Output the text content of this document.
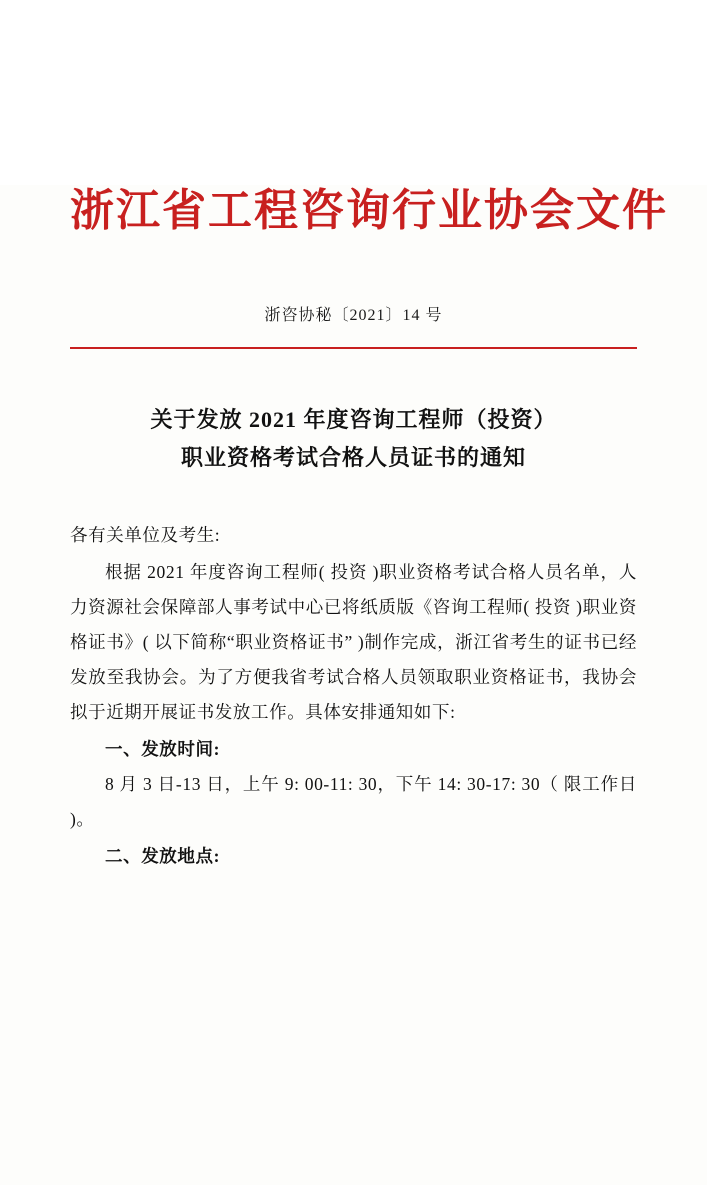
浙江省工程咨询行业协会文件
浙咨协秘〔2021〕14 号
关于发放 2021 年度咨询工程师（投资）
职业资格考试合格人员证书的通知

各有关单位及考生:

根据 2021 年度咨询工程师( 投资 )职业资格考试合格人员名单，人力资源社会保障部人事考试中心已将纸质版《咨询工程师( 投资 )职业资格证书》( 以下简称“职业资格证书” )制作完成，浙江省考生的证书已经发放至我协会。为了方便我省考试合格人员领取职业资格证书，我协会拟于近期开展证书发放工作。具体安排通知如下:

一、发放时间:

8 月 3 日-13 日，上午 9: 00-11: 30，下午 14: 30-17: 30（ 限工作日 )。

二、发放地点:
